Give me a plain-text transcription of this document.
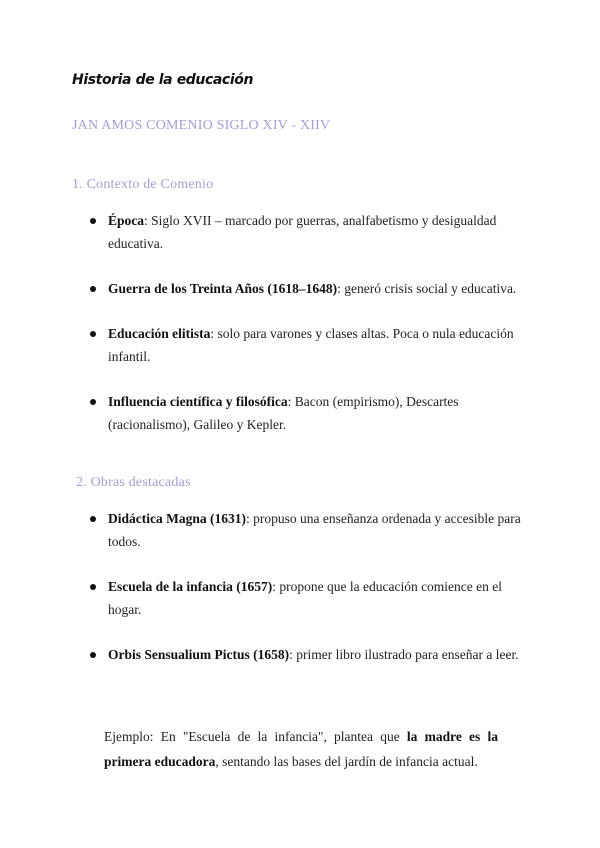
Historia de la educación
JAN AMOS COMENIO SIGLO XIV - XIIV
1. Contexto de Comenio
Época: Siglo XVII – marcado por guerras, analfabetismo y desigualdad educativa.
Guerra de los Treinta Años (1618–1648): generó crisis social y educativa.
Educación elitista: solo para varones y clases altas. Poca o nula educación infantil.
Influencia científica y filosófica: Bacon (empirismo), Descartes (racionalismo), Galileo y Kepler.
2. Obras destacadas
Didáctica Magna (1631): propuso una enseñanza ordenada y accesible para todos.
Escuela de la infancia (1657): propone que la educación comience en el hogar.
Orbis Sensualium Pictus (1658): primer libro ilustrado para enseñar a leer.
Ejemplo: En "Escuela de la infancia", plantea que la madre es la primera educadora, sentando las bases del jardín de infancia actual.
